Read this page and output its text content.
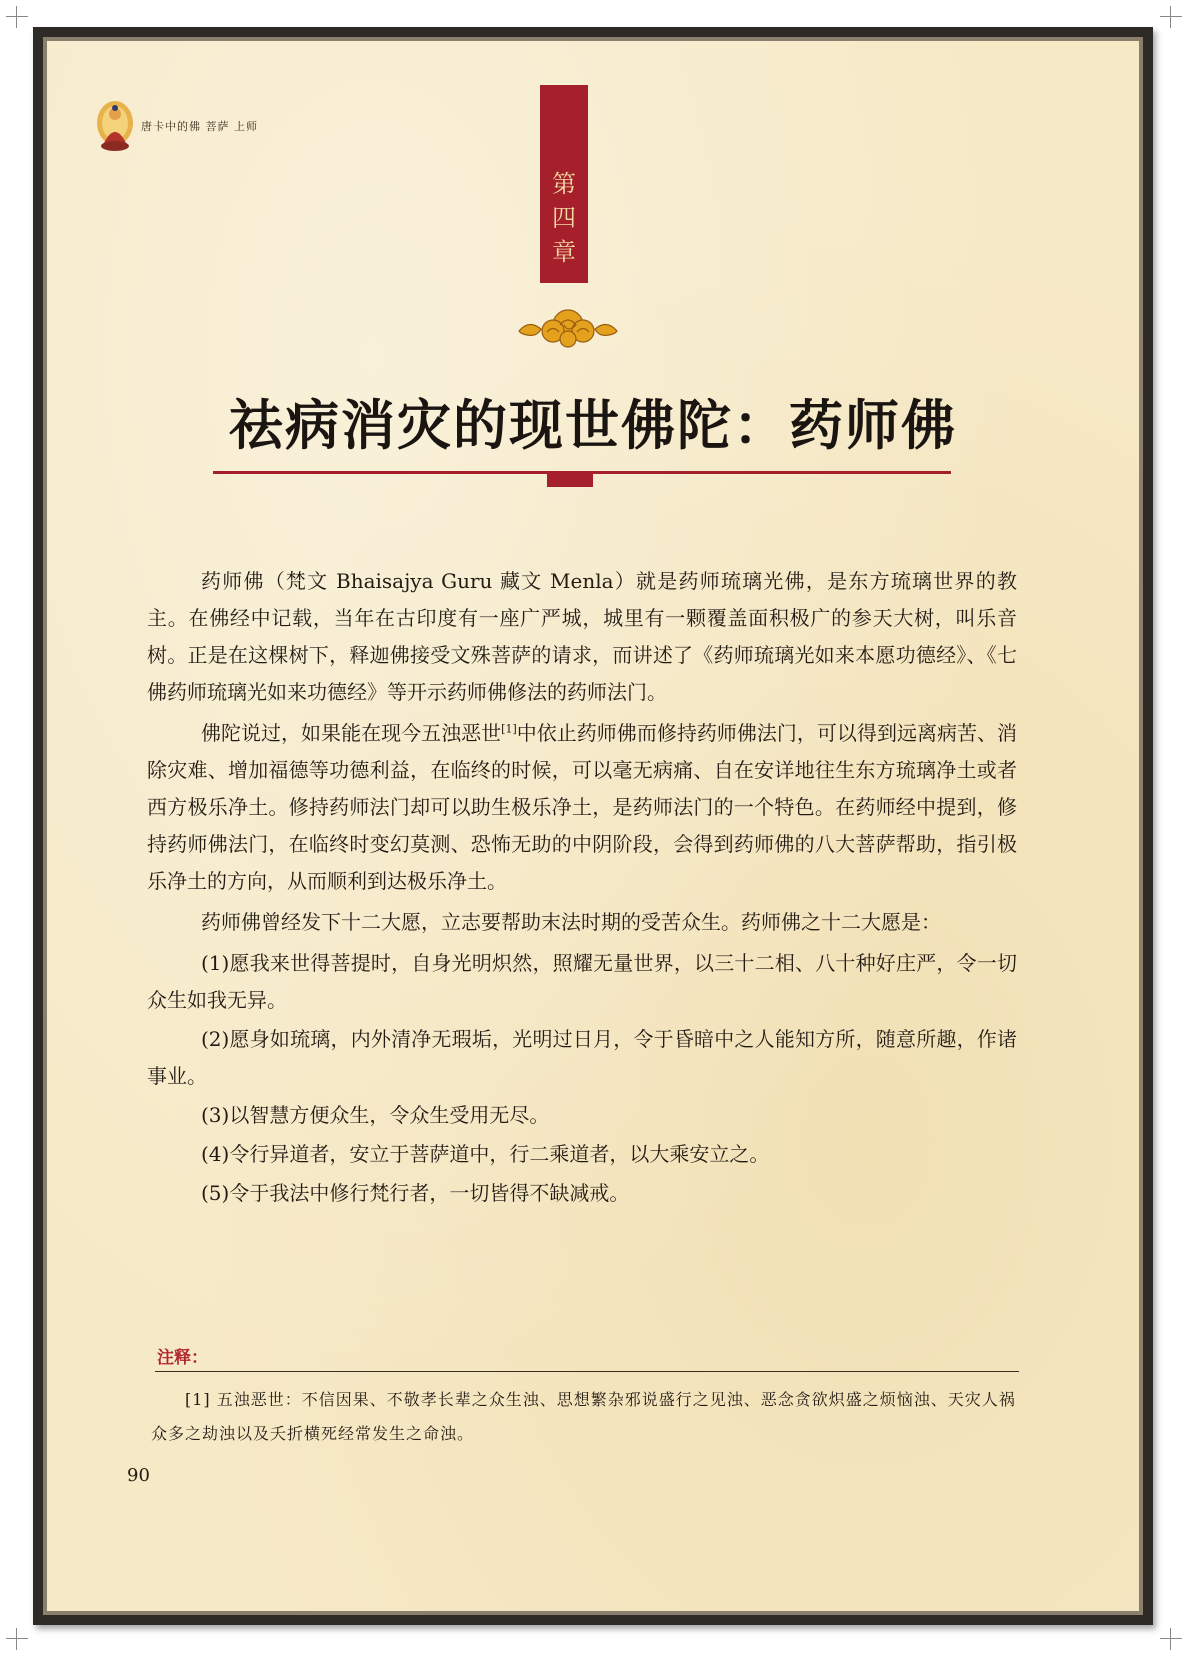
唐卡中的佛 菩萨 上师
第
四
章
祛病消灾的现世佛陀：药师佛

药师佛（梵文 Bhaisajya Guru 藏文 Menla）就是药师琉璃光佛，是东方琉璃世界的教主。在佛经中记载，当年在古印度有一座广严城，城里有一颗覆盖面积极广的参天大树，叫乐音树。正是在这棵树下，释迦佛接受文殊菩萨的请求，而讲述了《药师琉璃光如来本愿功德经》、《七佛药师琉璃光如来功德经》等开示药师佛修法的药师法门。

佛陀说过，如果能在现今五浊恶世[1]中依止药师佛而修持药师佛法门，可以得到远离病苦、消除灾难、增加福德等功德利益，在临终的时候，可以毫无病痛、自在安详地往生东方琉璃净土或者西方极乐净土。修持药师法门却可以助生极乐净土，是药师法门的一个特色。在药师经中提到，修持药师佛法门，在临终时变幻莫测、恐怖无助的中阴阶段，会得到药师佛的八大菩萨帮助，指引极乐净土的方向，从而顺利到达极乐净土。

药师佛曾经发下十二大愿，立志要帮助末法时期的受苦众生。药师佛之十二大愿是：

(1)愿我来世得菩提时，自身光明炽然，照耀无量世界，以三十二相、八十种好庄严，令一切众生如我无异。

(2)愿身如琉璃，内外清净无瑕垢，光明过日月，令于昏暗中之人能知方所，随意所趣，作诸事业。

(3)以智慧方便众生，令众生受用无尽。

(4)令行异道者，安立于菩萨道中，行二乘道者，以大乘安立之。

(5)令于我法中修行梵行者，一切皆得不缺减戒。

注释：
[1] 五浊恶世：不信因果、不敬孝长辈之众生浊、思想繁杂邪说盛行之见浊、恶念贪欲炽盛之烦恼浊、天灾人祸众多之劫浊以及夭折横死经常发生之命浊。
90
